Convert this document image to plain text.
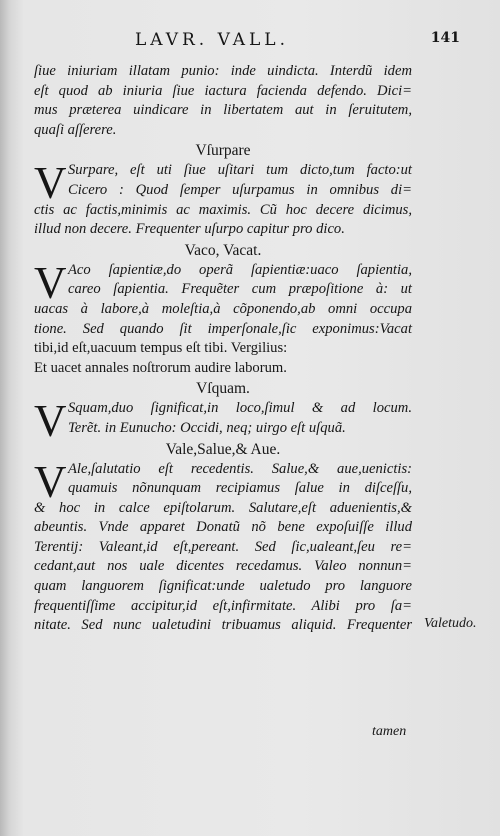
LAVR. VALL.	141
ſiue iniuriam illatam punio: inde uindicta. Interdũ idem
eſt quod ab iniuria ſiue iactura facienda defendo. Dici=
mus præterea uindicare in libertatem aut in ſeruitutem,
quaſi aſſerere.
Vſurpare
V Surpare, eſt uti ſiue uſitari tum dicto,tum facto:ut
Cicero : Quod ſemper uſurpamus in omnibus di=
ctis ac factis,minimis ac maximis. Cũ hoc decere dicimus,
illud non decere. Frequenter uſurpo capitur pro dico.
Vaco, Vacat.
V Aco ſapientiæ,do operã ſapientiæ:uaco ſapientia,
careo ſapientia. Frequẽter cum præpoſitione à: ut
uacas à labore,à moleſtia,à cõponendo,ab omni occupa
tione. Sed quando ſit imperſonale,ſic exponimus:Vacat
tibi,id eſt,uacuum tempus eſt tibi. Vergilius:
Et uacet annales noſtrorum audire laborum.
Vſquam.
V Squam,duo ſignificat,in loco,ſimul & ad locum.
Terẽt. in Eunucho: Occidi, neq; uirgo eſt uſquã.
Vale,Salue,& Aue.
V Ale,ſalutatio eſt recedentis. Salue,& aue,uenictis:
quamuis nõnunquam recipiamus ſalue in diſceſſu,
& hoc in calce epiſtolarum. Salutare,eſt aduenientis,&
abeuntis. Vnde apparet Donatũ nõ bene expoſuiſſe illud
Terentij: Valeant,id eſt,pereant. Sed ſic,ualeant,ſeu re=
cedant,aut nos uale dicentes recedamus. Valeo nonnun=
quam languorem ſignificat:unde ualetudo pro languore
frequentiſſime accipitur,id eſt,infirmitate. Alibi pro ſa=
nitate. Sed nunc ualetudini tribuamus aliquid. Frequenter Valetudo.
tamen
